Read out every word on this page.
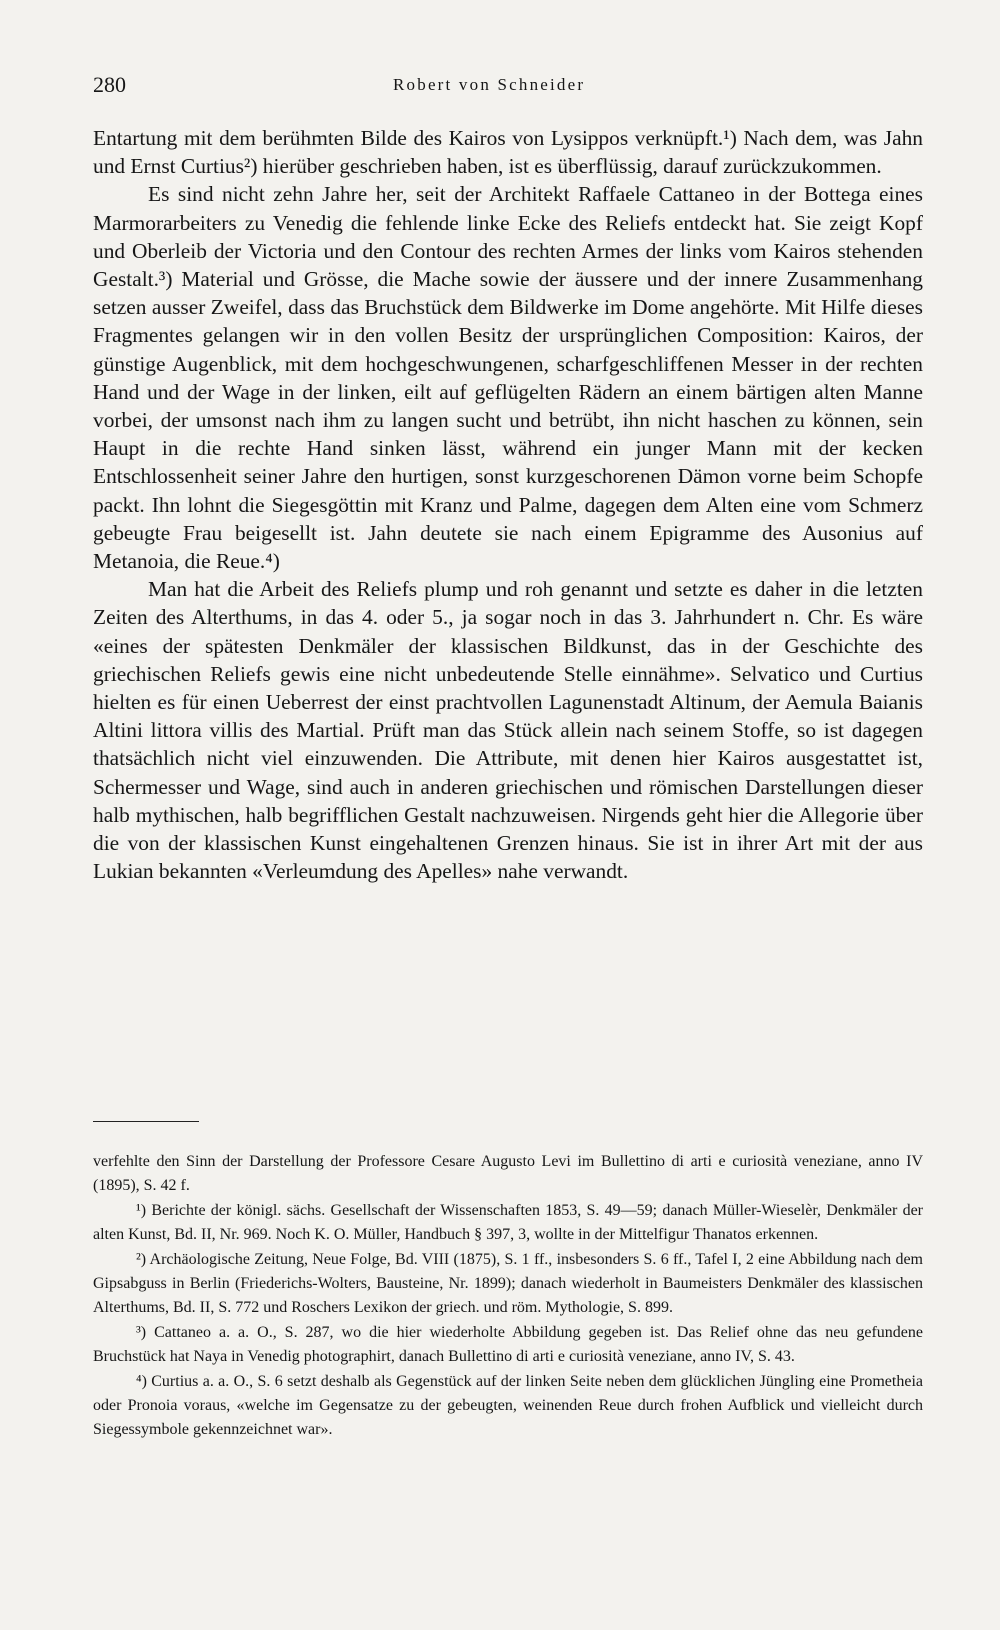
280	Robert von Schneider

Entartung mit dem berühmten Bilde des Kairos von Lysippos verknüpft.¹) Nach dem, was Jahn und Ernst Curtius²) hierüber geschrieben haben, ist es überflüssig, darauf zurückzukommen.

Es sind nicht zehn Jahre her, seit der Architekt Raffaele Cattaneo in der Bottega eines Marmorarbeiters zu Venedig die fehlende linke Ecke des Reliefs entdeckt hat. Sie zeigt Kopf und Oberleib der Victoria und den Contour des rechten Armes der links vom Kairos stehenden Gestalt.³) Material und Grösse, die Mache sowie der äussere und der innere Zusammenhang setzen ausser Zweifel, dass das Bruchstück dem Bildwerke im Dome angehörte. Mit Hilfe dieses Fragmentes gelangen wir in den vollen Besitz der ursprünglichen Composition: Kairos, der günstige Augenblick, mit dem hochgeschwungenen, scharfgeschliffenen Messer in der rechten Hand und der Wage in der linken, eilt auf geflügelten Rädern an einem bärtigen alten Manne vorbei, der umsonst nach ihm zu langen sucht und betrübt, ihn nicht haschen zu können, sein Haupt in die rechte Hand sinken lässt, während ein junger Mann mit der kecken Entschlossenheit seiner Jahre den hurtigen, sonst kurzgeschorenen Dämon vorne beim Schopfe packt. Ihn lohnt die Siegesgöttin mit Kranz und Palme, dagegen dem Alten eine vom Schmerz gebeugte Frau beigesellt ist. Jahn deutete sie nach einem Epigramme des Ausonius auf Metanoia, die Reue.⁴)

Man hat die Arbeit des Reliefs plump und roh genannt und setzte es daher in die letzten Zeiten des Alterthums, in das 4. oder 5., ja sogar noch in das 3. Jahrhundert n. Chr. Es wäre «eines der spätesten Denkmäler der klassischen Bildkunst, das in der Geschichte des griechischen Reliefs gewis eine nicht unbedeutende Stelle einnähme». Selvatico und Curtius hielten es für einen Ueberrest der einst prachtvollen Lagunenstadt Altinum, der Aemula Baianis Altini littora villis des Martial. Prüft man das Stück allein nach seinem Stoffe, so ist dagegen thatsächlich nicht viel einzuwenden. Die Attribute, mit denen hier Kairos ausgestattet ist, Schermesser und Wage, sind auch in anderen griechischen und römischen Darstellungen dieser halb mythischen, halb begrifflichen Gestalt nachzuweisen. Nirgends geht hier die Allegorie über die von der klassischen Kunst eingehaltenen Grenzen hinaus. Sie ist in ihrer Art mit der aus Lukian bekannten «Verleumdung des Apelles» nahe verwandt.

verfehlte den Sinn der Darstellung der Professore Cesare Augusto Levi im Bullettino di arti e curiosità veneziane, anno IV (1895), S. 42 f.

¹) Berichte der königl. sächs. Gesellschaft der Wissenschaften 1853, S. 49—59; danach Müller-Wieselèr, Denkmäler der alten Kunst, Bd. II, Nr. 969. Noch K. O. Müller, Handbuch § 397, 3, wollte in der Mittelfigur Thanatos erkennen.

²) Archäologische Zeitung, Neue Folge, Bd. VIII (1875), S. 1 ff., insbesonders S. 6 ff., Tafel I, 2 eine Abbildung nach dem Gipsabguss in Berlin (Friederichs-Wolters, Bausteine, Nr. 1899); danach wiederholt in Baumeisters Denkmäler des klassischen Alterthums, Bd. II, S. 772 und Roschers Lexikon der griech. und röm. Mythologie, S. 899.

³) Cattaneo a. a. O., S. 287, wo die hier wiederholte Abbildung gegeben ist. Das Relief ohne das neu gefundene Bruchstück hat Naya in Venedig photographirt, danach Bullettino di arti e curiosità veneziane, anno IV, S. 43.

⁴) Curtius a. a. O., S. 6 setzt deshalb als Gegenstück auf der linken Seite neben dem glücklichen Jüngling eine Prometheia oder Pronoia voraus, «welche im Gegensatze zu der gebeugten, weinenden Reue durch frohen Aufblick und vielleicht durch Siegessymbole gekennzeichnet war».
